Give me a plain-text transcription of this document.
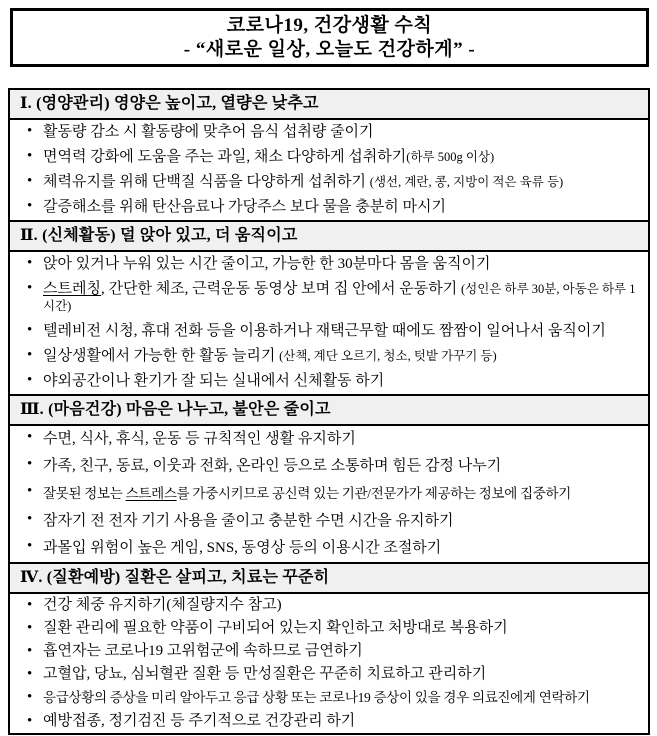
코로나19, 건강생활 수칙
- “새로운 일상, 오늘도 건강하게” -
Ⅰ. (영양관리) 영양은 높이고, 열량은 낮추고
• 활동량 감소 시 활동량에 맞추어 음식 섭취량 줄이기
• 면역력 강화에 도움을 주는 과일, 채소 다양하게 섭취하기(하루 500g 이상)
• 체력유지를 위해 단백질 식품을 다양하게 섭취하기 (생선, 계란, 콩, 지방이 적은 육류 등)
• 갈증해소를 위해 탄산음료나 가당주스 보다 물을 충분히 마시기
Ⅱ. (신체활동) 덜 앉아 있고, 더 움직이고
• 앉아 있거나 누워 있는 시간 줄이고, 가능한 한 30분마다 몸을 움직이기
• 스트레칭, 간단한 체조, 근력운동 동영상 보며 집 안에서 운동하기 (성인은 하루 30분, 아동은 하루 1시간)
• 텔레비전 시청, 휴대 전화 등을 이용하거나 재택근무할 때에도 짬짬이 일어나서 움직이기
• 일상생활에서 가능한 한 활동 늘리기 (산책, 계단 오르기, 청소, 텃밭 가꾸기 등)
• 야외공간이나 환기가 잘 되는 실내에서 신체활동 하기
Ⅲ. (마음건강) 마음은 나누고, 불안은 줄이고
• 수면, 식사, 휴식, 운동 등 규칙적인 생활 유지하기
• 가족, 친구, 동료, 이웃과 전화, 온라인 등으로 소통하며 힘든 감정 나누기
• 잘못된 정보는 스트레스를 가중시키므로 공신력 있는 기관/전문가가 제공하는 정보에 집중하기
• 잠자기 전 전자 기기 사용을 줄이고 충분한 수면 시간을 유지하기
• 과몰입 위험이 높은 게임, SNS, 동영상 등의 이용시간 조절하기
Ⅳ. (질환예방) 질환은 살피고, 치료는 꾸준히
• 건강 체중 유지하기(체질량지수 참고)
• 질환 관리에 필요한 약품이 구비되어 있는지 확인하고 처방대로 복용하기
• 흡연자는 코로나19 고위험군에 속하므로 금연하기
• 고혈압, 당뇨, 심뇌혈관 질환 등 만성질환은 꾸준히 치료하고 관리하기
• 응급상황의 증상을 미리 알아두고 응급 상황 또는 코로나19 증상이 있을 경우 의료진에게 연락하기
• 예방접종, 정기검진 등 주기적으로 건강관리 하기
